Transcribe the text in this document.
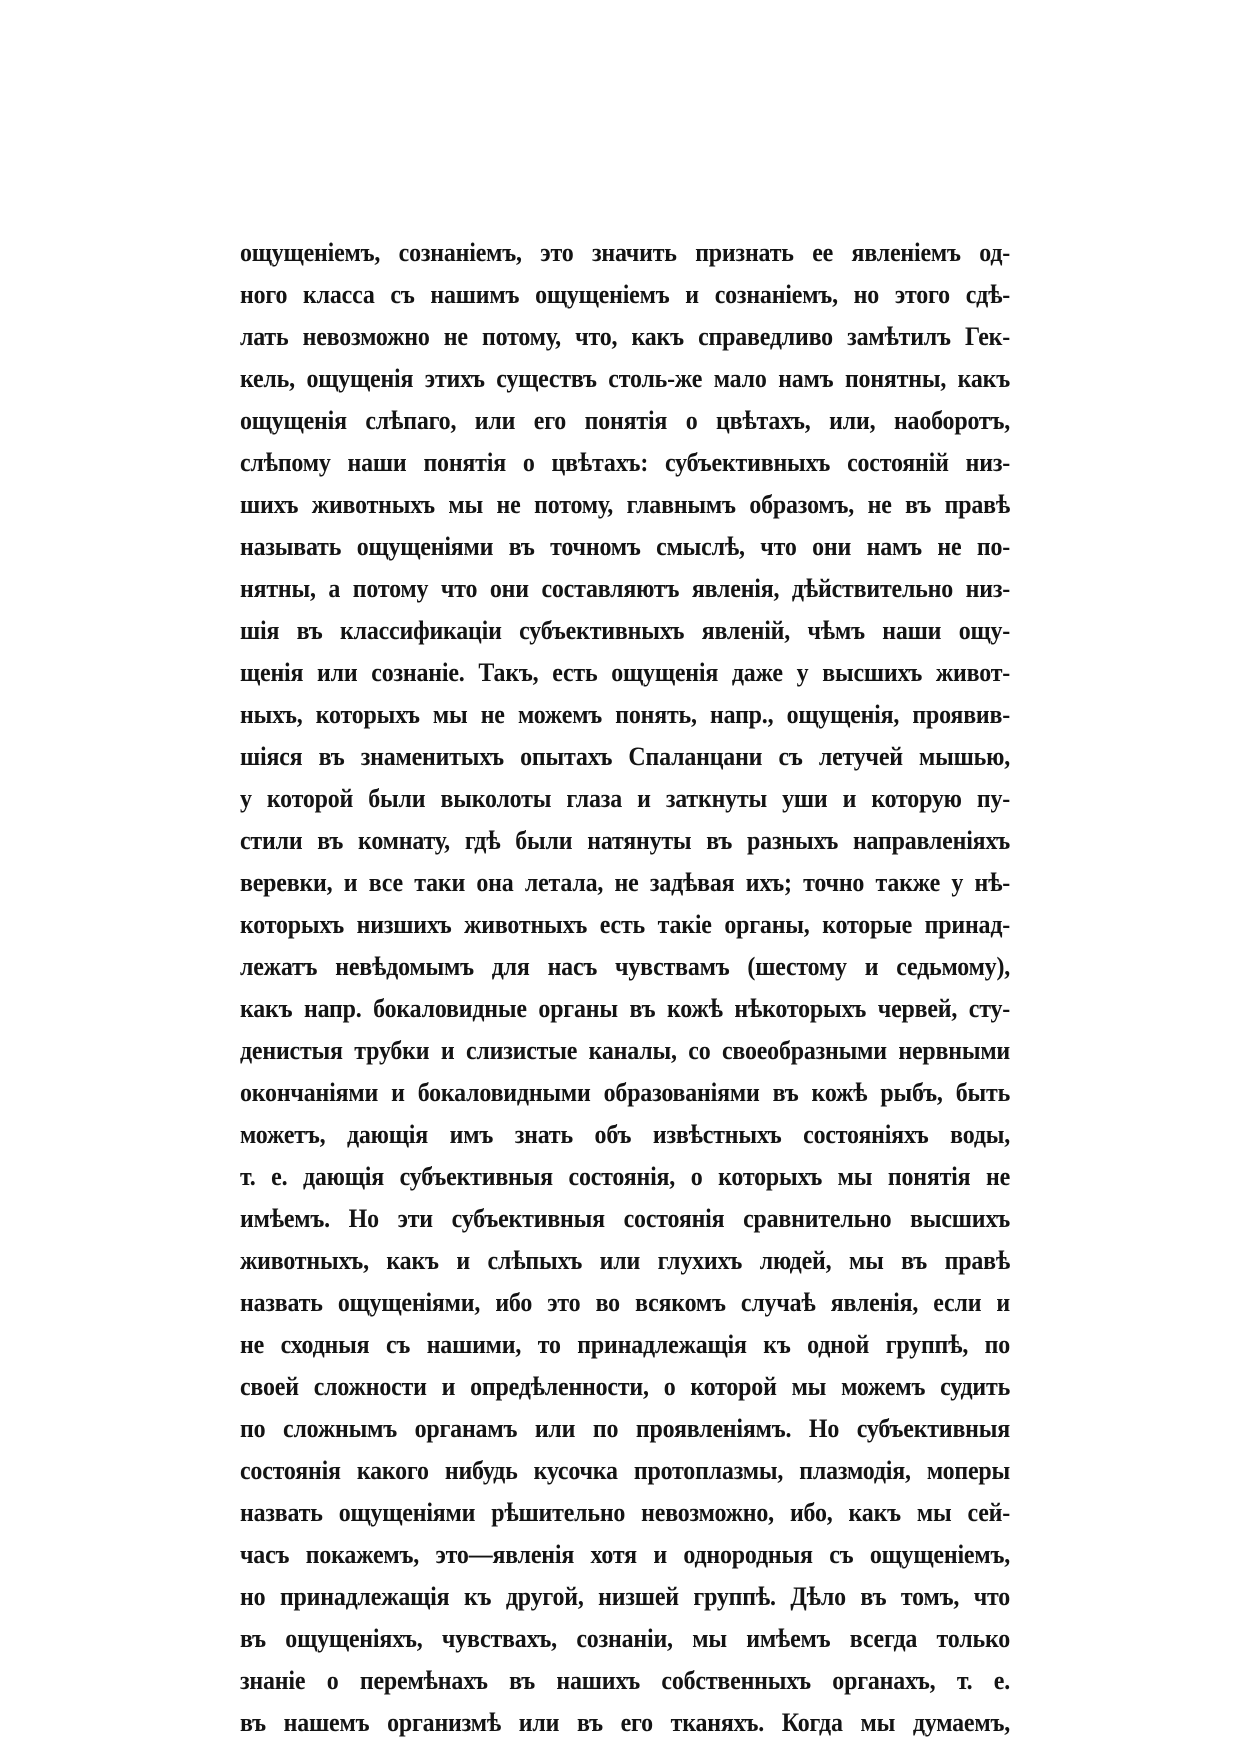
ощущеніемъ, сознаніемъ, это значить признать ее явленіемъ од-
ного класса съ нашимъ ощущеніемъ и сознаніемъ, но этого сдѣ-
лать невозможно не потому, что, какъ справедливо замѣтилъ Гек-
кель, ощущенія этихъ существъ столь-же мало намъ понятны, какъ
ощущенія слѣпаго, или его понятія о цвѣтахъ, или, наоборотъ,
слѣпому наши понятія о цвѣтахъ: субъективныхъ состояній низ-
шихъ животныхъ мы не потому, главнымъ образомъ, не въ правѣ
называть ощущеніями въ точномъ смыслѣ, что они намъ не по-
нятны, а потому что они составляютъ явленія, дѣйствительно низ-
шія въ классификаціи субъективныхъ явленій, чѣмъ наши ощу-
щенія или сознаніе. Такъ, есть ощущенія даже у высшихъ живот-
ныхъ, которыхъ мы не можемъ понять, напр., ощущенія, проявив-
шіяся въ знаменитыхъ опытахъ Спаланцани съ летучей мышью,
у которой были выколоты глаза и заткнуты уши и которую пу-
стили въ комнату, гдѣ были натянуты въ разныхъ направленіяхъ
веревки, и все таки она летала, не задѣвая ихъ; точно также у нѣ-
которыхъ низшихъ животныхъ есть такіе органы, которые принад-
лежатъ невѣдомымъ для насъ чувствамъ (шестому и седьмому),
какъ напр. бокаловидные органы въ кожѣ нѣкоторыхъ червей, сту-
денистыя трубки и слизистые каналы, со своеобразными нервными
окончаніями и бокаловидными образованіями въ кожѣ рыбъ, быть
можетъ, дающія имъ знать объ извѣстныхъ состояніяхъ воды,
т. е. дающія субъективныя состоянія, о которыхъ мы понятія не
имѣемъ. Но эти субъективныя состоянія сравнительно высшихъ
животныхъ, какъ и слѣпыхъ или глухихъ людей, мы въ правѣ
назвать ощущеніями, ибо это во всякомъ случаѣ явленія, если и
не сходныя съ нашими, то принадлежащія къ одной группѣ, по
своей сложности и опредѣленности, о которой мы можемъ судить
по сложнымъ органамъ или по проявленіямъ. Но субъективныя
состоянія какого нибудь кусочка протоплазмы, плазмодія, моперы
назвать ощущеніями рѣшительно невозможно, ибо, какъ мы сей-
часъ покажемъ, это—явленія хотя и однородныя съ ощущеніемъ,
но принадлежащія къ другой, низшей группѣ. Дѣло въ томъ, что
въ ощущеніяхъ, чувствахъ, сознаніи, мы имѣемъ всегда только
знаніе о перемѣнахъ въ нашихъ собственныхъ органахъ, т. е.
въ нашемъ организмѣ или въ его тканяхъ. Когда мы думаемъ,
